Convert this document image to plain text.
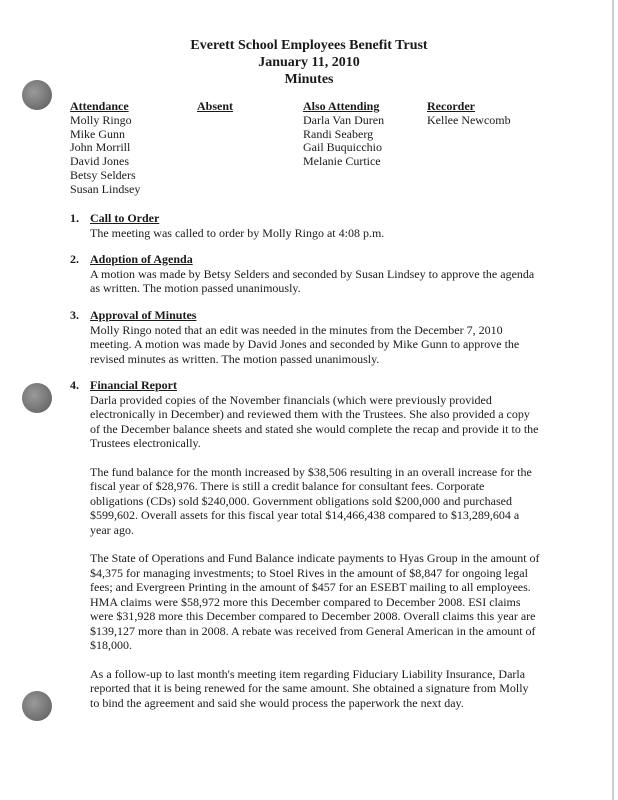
Everett School Employees Benefit Trust
January 11, 2010
Minutes
Attendance
Molly Ringo
Mike Gunn
John Morrill
David Jones
Betsy Selders
Susan Lindsey
Absent	Also Attending
Darla Van Duren
Randi Seaberg
Gail Buquicchio
Melanie Curtice
Recorder
Kellee Newcomb
1. Call to Order

The meeting was called to order by Molly Ringo at 4:08 p.m.

2. Adoption of Agenda

A motion was made by Betsy Selders and seconded by Susan Lindsey to approve the agenda as written. The motion passed unanimously.

3. Approval of Minutes

Molly Ringo noted that an edit was needed in the minutes from the December 7, 2010 meeting. A motion was made by David Jones and seconded by Mike Gunn to approve the revised minutes as written. The motion passed unanimously.

4. Financial Report

Darla provided copies of the November financials (which were previously provided electronically in December) and reviewed them with the Trustees. She also provided a copy of the December balance sheets and stated she would complete the recap and provide it to the Trustees electronically.

The fund balance for the month increased by $38,506 resulting in an overall increase for the fiscal year of $28,976. There is still a credit balance for consultant fees. Corporate obligations (CDs) sold $240,000. Government obligations sold $200,000 and purchased $599,602. Overall assets for this fiscal year total $14,466,438 compared to $13,289,604 a year ago.

The State of Operations and Fund Balance indicate payments to Hyas Group in the amount of $4,375 for managing investments; to Stoel Rives in the amount of $8,847 for ongoing legal fees; and Evergreen Printing in the amount of $457 for an ESEBT mailing to all employees. HMA claims were $58,972 more this December compared to December 2008. ESI claims were $31,928 more this December compared to December 2008. Overall claims this year are $139,127 more than in 2008. A rebate was received from General American in the amount of $18,000.

As a follow-up to last month's meeting item regarding Fiduciary Liability Insurance, Darla reported that it is being renewed for the same amount. She obtained a signature from Molly to bind the agreement and said she would process the paperwork the next day.
